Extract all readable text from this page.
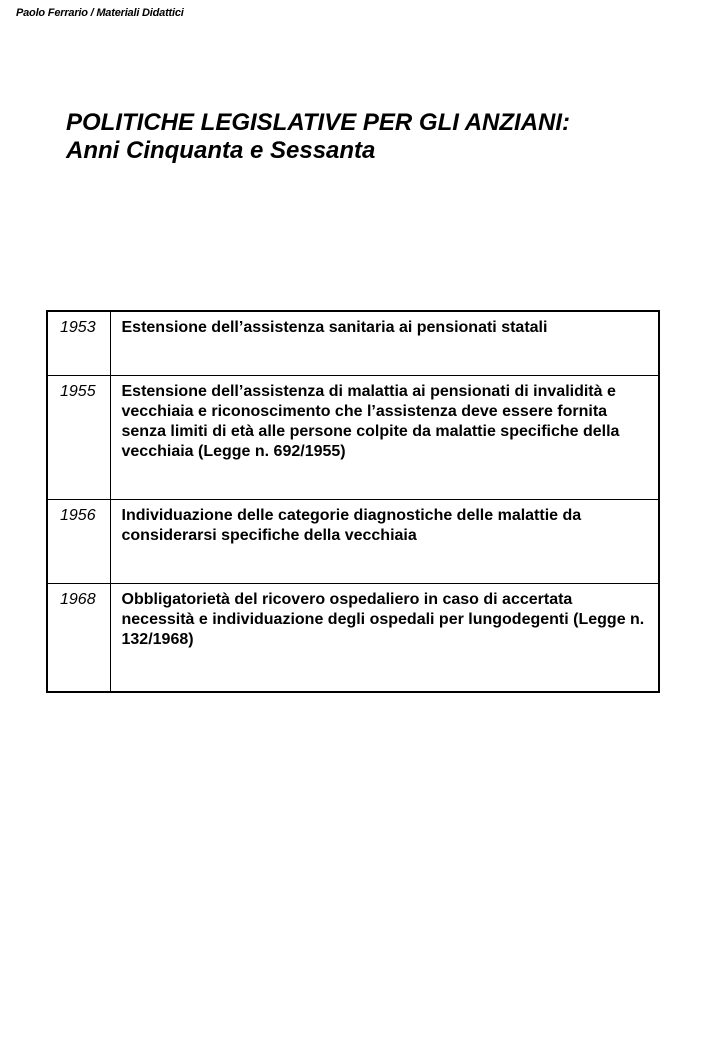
Paolo Ferrario / Materiali Didattici
POLITICHE LEGISLATIVE PER GLI ANZIANI:
Anni Cinquanta e Sessanta
1953	Estensione dell’assistenza sanitaria ai pensionati statali
1955	Estensione dell’assistenza di malattia ai pensionati di invalidità e vecchiaia e riconoscimento che l’assistenza deve essere fornita senza limiti di età alle persone colpite da malattie specifiche della vecchiaia (Legge n. 692/1955)
1956	Individuazione delle categorie diagnostiche delle malattie da considerarsi specifiche della vecchiaia
1968	Obbligatorietà del ricovero ospedaliero in caso di accertata necessità e individuazione degli ospedali per lungodegenti (Legge n. 132/1968)
